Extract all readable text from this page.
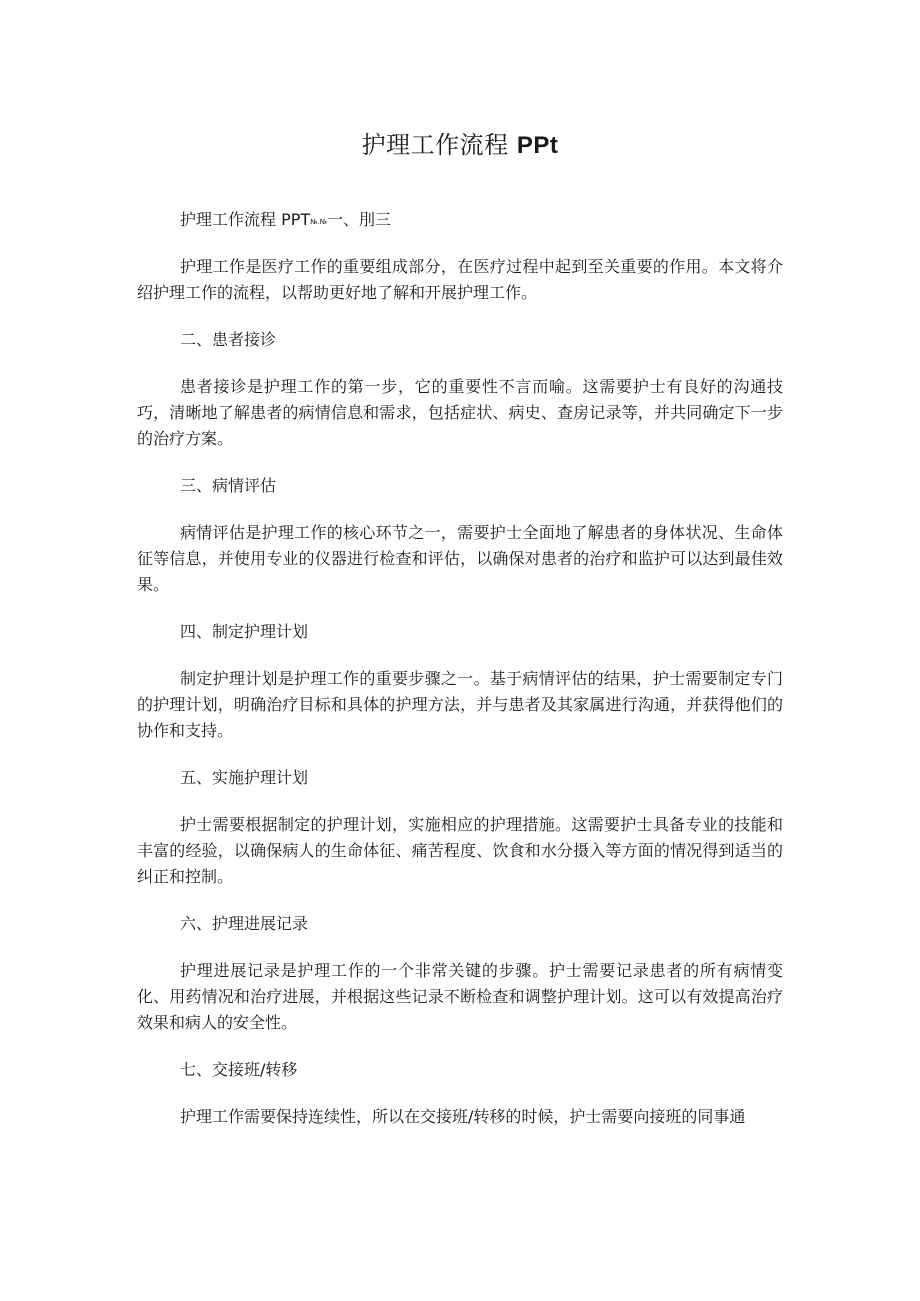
护理工作流程 PPt
护理工作流程 PPT№.№一、刖三

护理工作是医疗工作的重要组成部分，在医疗过程中起到至关重要的作用。本文将介绍护理工作的流程，以帮助更好地了解和开展护理工作。

二、患者接诊

患者接诊是护理工作的第一步，它的重要性不言而喻。这需要护士有良好的沟通技巧，清晰地了解患者的病情信息和需求，包括症状、病史、查房记录等，并共同确定下一步的治疗方案。

三、病情评估

病情评估是护理工作的核心环节之一，需要护士全面地了解患者的身体状况、生命体征等信息，并使用专业的仪器进行检查和评估，以确保对患者的治疗和监护可以达到最佳效果。

四、制定护理计划

制定护理计划是护理工作的重要步骤之一。基于病情评估的结果，护士需要制定专门的护理计划，明确治疗目标和具体的护理方法，并与患者及其家属进行沟通，并获得他们的协作和支持。

五、实施护理计划

护士需要根据制定的护理计划，实施相应的护理措施。这需要护士具备专业的技能和丰富的经验，以确保病人的生命体征、痛苦程度、饮食和水分摄入等方面的情况得到适当的纠正和控制。

六、护理进展记录

护理进展记录是护理工作的一个非常关键的步骤。护士需要记录患者的所有病情变化、用药情况和治疗进展，并根据这些记录不断检查和调整护理计划。这可以有效提高治疗效果和病人的安全性。

七、交接班/转移

护理工作需要保持连续性，所以在交接班/转移的时候，护士需要向接班的同事通
